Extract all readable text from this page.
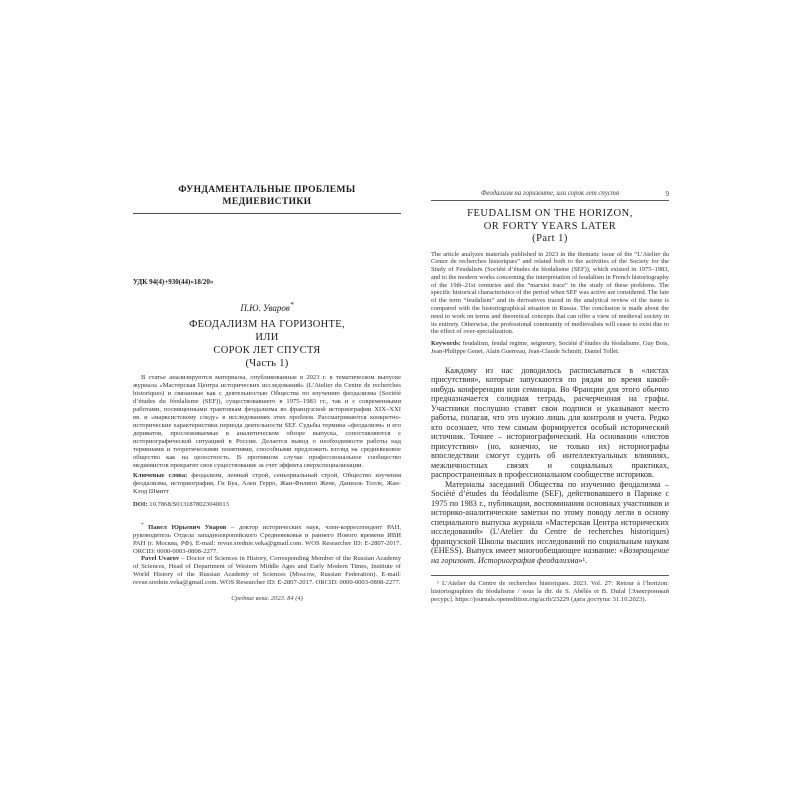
ФУНДАМЕНТАЛЬНЫЕ ПРОБЛЕМЫ
МЕДИЕВИСТИКИ
УДК 94(4)+930(44)«18/20»
П.Ю. Уваров*
ФЕОДАЛИЗМ НА ГОРИЗОНТЕ,
ИЛИ
СОРОК ЛЕТ СПУСТЯ
(Часть 1)
В статье анализируются материалы, опубликованные в 2023 г. в тематическом выпуске журнала «Мастерская Центра исторических исследований» (L’Atelier du Centre de recherches historiques) и связанные как с деятельностью Общества по изучению феодализма (Société d’études du féodalisme (SEF)), существовавшего в 1975–1983 гг., так и с современными работами, посвященными трактовкам феодализма во французской историографии XIX–XXI вв. и «марксистскому следу» в исследованиях этих проблем. Рассматриваются конкретно-исторические характеристики периода деятельности SEF. Судьбы термина «феодализм» и его дериватов, прослеживаемые в аналитическом обзоре выпуска, сопоставляются с историографической ситуацией в России. Делается вывод о необходимости работы над терминами и теоретическими понятиями, способными предложить взгляд на средневековое общество как на целостность. В противном случае профессиональное сообщество медиевистов прекратит свое существование за счет эффекта сверхспециализации.
Ключевые слова: феодализм, ленный строй, сеньориальный строй, Общество изучения феодализма, историография, Ги Буа, Ален Герро, Жан-Филипп Жене, Даниэль Толле, Жан-Клод Шмитт
DOI: 10.7868/S0131878023040013
* Павел Юрьевич Уваров – доктор исторических наук, член-корреспондент РАН, руководитель Отдела западноевропейского Средневековья и раннего Нового времени ИВИ РАН (г. Москва, РФ). E-mail: revue.srednie.veka@gmail.com. WOS Researcher ID: E-2807-2017. ORCID: 0000-0003-0808-2277.
Pavel Uvarov – Doctor of Sciences in History, Corresponding Member of the Russian Academy of Sciences, Head of Department of Western Middle Ages and Early Modern Times, Institute of World History of the Russian Academy of Sciences (Moscow, Russian Federation). E-mail: revue.srednie.veka@gmail.com. WOS Researcher ID: E-2807-2017. ORCID: 0000-0003-0808-2277.
Средние века. 2023. 84 (4)
Феодализм на горизонте, или сорок лет спустя	9
FEUDALISM ON THE HORIZON,
OR FORTY YEARS LATER
(Part 1)
The article analyzes materials published in 2023 in the thematic issue of the “L’Atelier du Center de recherches historiques” and related both to the activities of the Society for the Study of Feudalism (Société d’études du féodalisme (SEF)), which existed in 1975–1983, and to the modern works concerning the interpretation of feudalism in French historiography of the 19th–21st centuries and the “marxist trace” in the study of these problems. The specific historical characteristics of the period when SEF was active are considered. The fate of the term “feudalism” and its derivatives traced in the analytical review of the issue is compared with the historiographical situation in Russia. The conclusion is made about the need to work on terms and theoretical concepts that can offer a view of medieval society in its entirety. Otherwise, the professional community of medievalists will cease to exist due to the effect of over-specialization.
Keywords: feudalism, feudal regime, seigneury, Société d’études du féodalisme, Guy Bois, Jean-Philippe Genet, Alain Guerreau, Jean-Claude Schmitt, Daniel Tollet.

Каждому из нас доводилось расписываться в «листах присутствия», которые запускаются по рядам во время какой-нибудь конференции или семинара. Во Франции для этого обычно предназначается солидная тетрадь, расчерченная на графы. Участники послушно ставят свои подписи и указывают место работы, полагая, что это нужно лишь для контроля и учета. Редко кто осознает, что тем самым формируется особый исторический источник. Точнее – историографический. На основании «листов присутствия» (но, конечно, не только их) историографы впоследствии смогут судить об интеллектуальных влияниях, межличностных связях и социальных практиках, распространенных в профессиональном сообществе историков.

Материалы заседаний Общества по изучению феодализма – Société d’études du féodalisme (SEF), действовавшего в Париже с 1975 по 1983 г., публикации, воспоминания основных участников и историко-аналитические заметки по этому поводу легли в основу специального выпуска журнала «Мастерская Центра исторических исследований» (L’Atelier du Centre de recherches historiques) французской Школы высших исследований по социальным наукам (EHESS). Выпуск имеет многообещающее название: «Возвращение на горизонт. Историография феодализма»¹.

¹ L’Atelier du Centre de recherches historiques. 2023. Vol. 27: Retour à l’horizon: historiographies du féodalisme / sous la dir. de S. Abélès et B. Dufal [Электронный ресурс]. https://journals.openedition.org/acrh/23229 (дата доступа: 31.10.2023).
